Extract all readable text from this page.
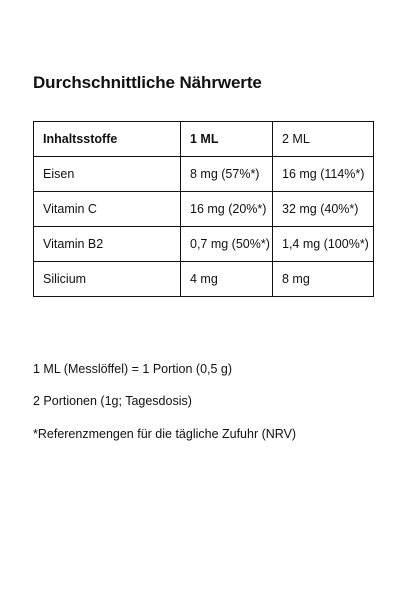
Durchschnittliche Nährwerte
Inhaltsstoffe	1 ML	2 ML
Eisen	8 mg (57%*)	16 mg (114%*)
Vitamin C	16 mg (20%*)	32 mg (40%*)
Vitamin B2	0,7 mg (50%*)	1,4 mg (100%*)
Silicium	4 mg	8 mg

1 ML (Messlöffel) = 1 Portion (0,5 g)

2 Portionen (1g; Tagesdosis)

*Referenzmengen für die tägliche Zufuhr (NRV)
